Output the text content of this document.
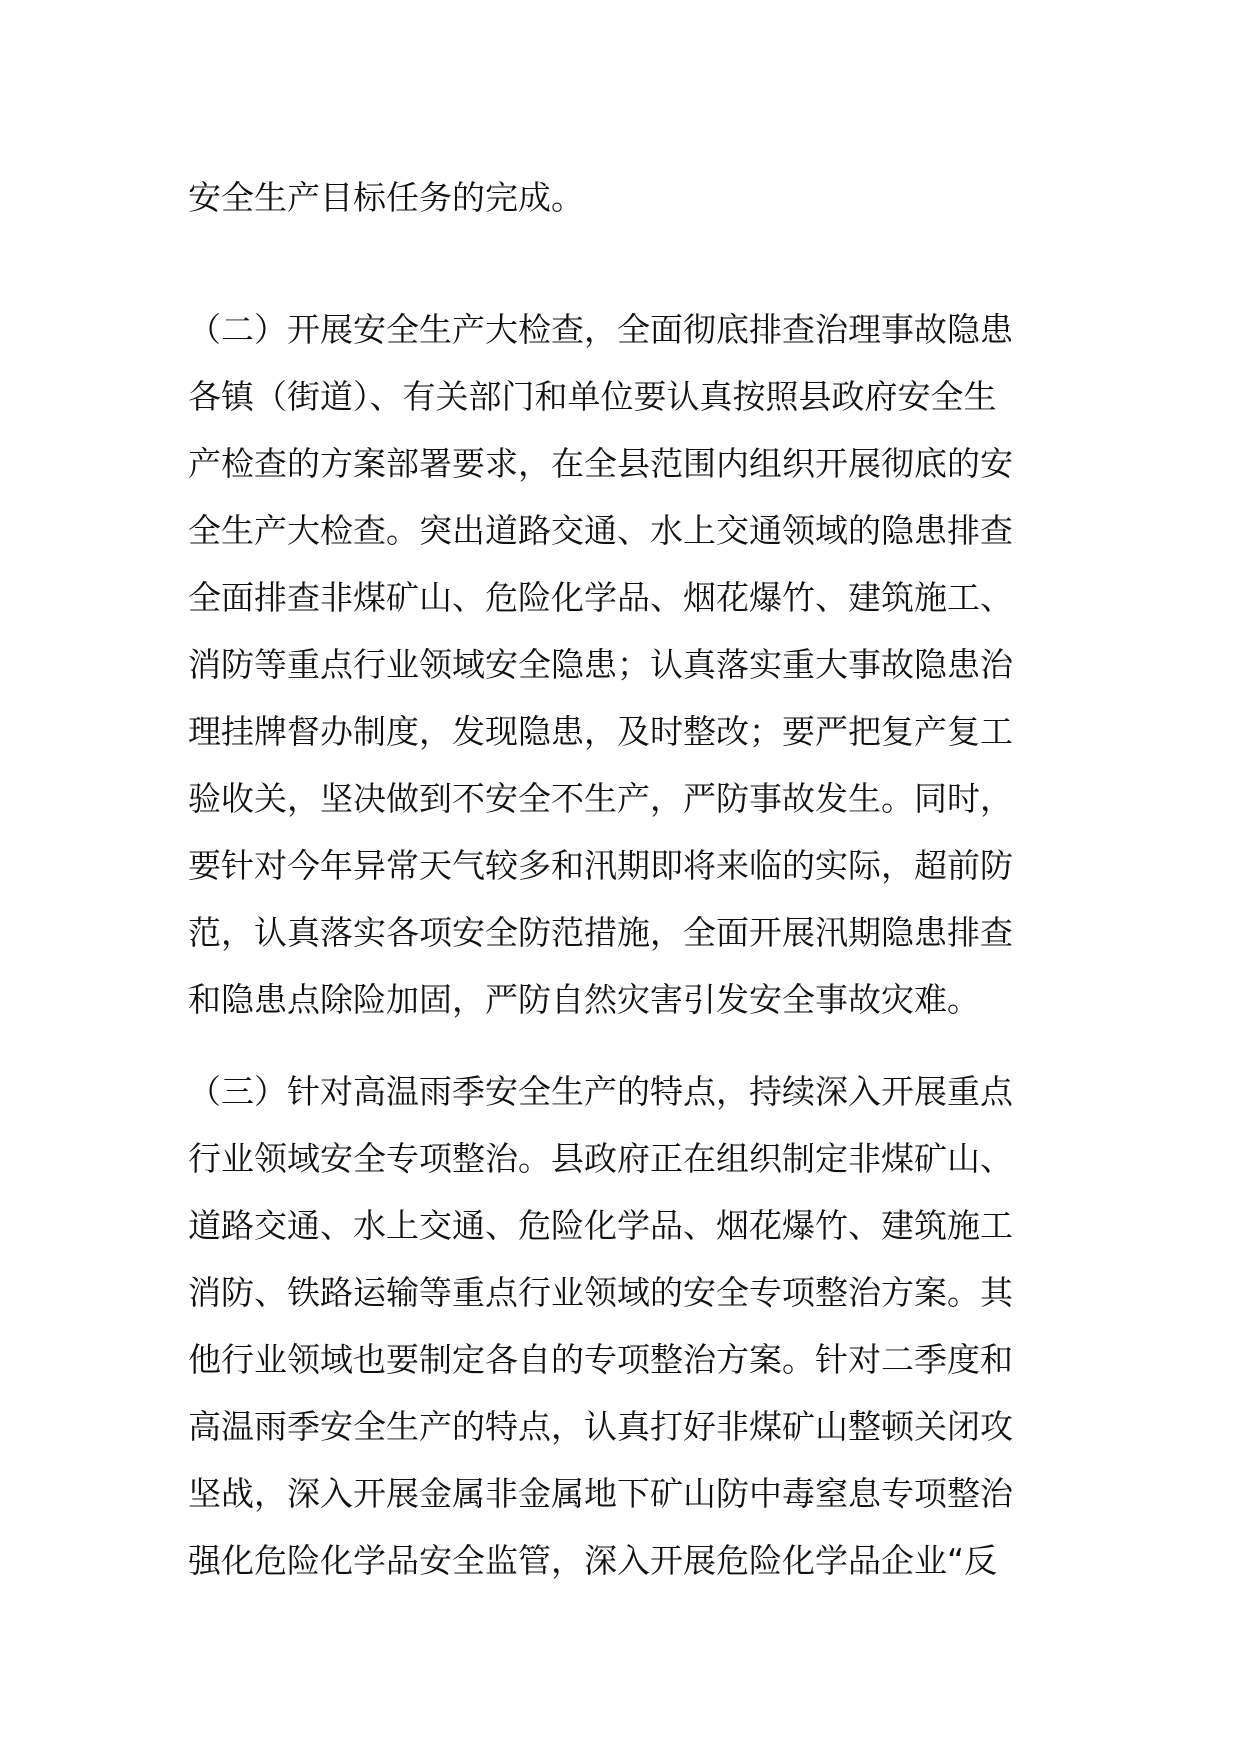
安全生产目标任务的完成。
（二）开展安全生产大检查，全面彻底排查治理事故隐患
各镇（街道）、有关部门和单位要认真按照县政府安全生
产检查的方案部署要求，在全县范围内组织开展彻底的安
全生产大检查。突出道路交通、水上交通领域的隐患排查
全面排查非煤矿山、危险化学品、烟花爆竹、建筑施工、
消防等重点行业领域安全隐患；认真落实重大事故隐患治
理挂牌督办制度，发现隐患，及时整改；要严把复产复工
验收关，坚决做到不安全不生产，严防事故发生。同时，
要针对今年异常天气较多和汛期即将来临的实际，超前防
范，认真落实各项安全防范措施，全面开展汛期隐患排查
和隐患点除险加固，严防自然灾害引发安全事故灾难。
（三）针对高温雨季安全生产的特点，持续深入开展重点
行业领域安全专项整治。县政府正在组织制定非煤矿山、
道路交通、水上交通、危险化学品、烟花爆竹、建筑施工
消防、铁路运输等重点行业领域的安全专项整治方案。其
他行业领域也要制定各自的专项整治方案。针对二季度和
高温雨季安全生产的特点，认真打好非煤矿山整顿关闭攻
坚战，深入开展金属非金属地下矿山防中毒窒息专项整治
强化危险化学品安全监管，深入开展危险化学品企业“反
